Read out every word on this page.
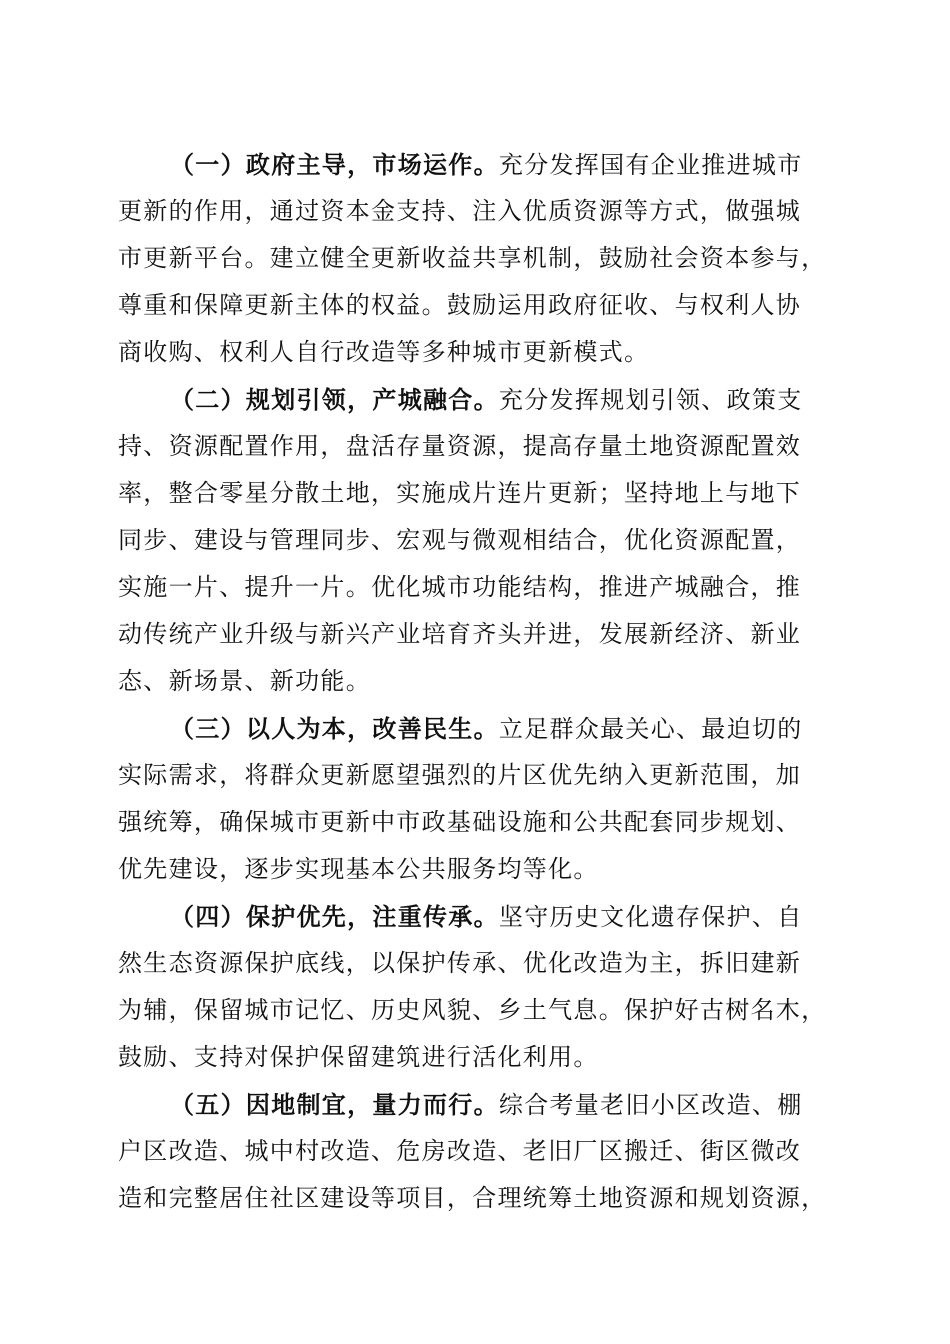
（一）政府主导，市场运作。充分发挥国有企业推进城市
更新的作用，通过资本金支持、注入优质资源等方式，做强城
市更新平台。建立健全更新收益共享机制，鼓励社会资本参与，
尊重和保障更新主体的权益。鼓励运用政府征收、与权利人协
商收购、权利人自行改造等多种城市更新模式。
（二）规划引领，产城融合。充分发挥规划引领、政策支
持、资源配置作用，盘活存量资源，提高存量土地资源配置效
率，整合零星分散土地，实施成片连片更新；坚持地上与地下
同步、建设与管理同步、宏观与微观相结合，优化资源配置，
实施一片、提升一片。优化城市功能结构，推进产城融合，推
动传统产业升级与新兴产业培育齐头并进，发展新经济、新业
态、新场景、新功能。
（三）以人为本，改善民生。立足群众最关心、最迫切的
实际需求，将群众更新愿望强烈的片区优先纳入更新范围，加
强统筹，确保城市更新中市政基础设施和公共配套同步规划、
优先建设，逐步实现基本公共服务均等化。
（四）保护优先，注重传承。坚守历史文化遗存保护、自
然生态资源保护底线，以保护传承、优化改造为主，拆旧建新
为辅，保留城市记忆、历史风貌、乡土气息。保护好古树名木，
鼓励、支持对保护保留建筑进行活化利用。
（五）因地制宜，量力而行。综合考量老旧小区改造、棚
户区改造、城中村改造、危房改造、老旧厂区搬迁、街区微改
造和完整居住社区建设等项目，合理统筹土地资源和规划资源，
